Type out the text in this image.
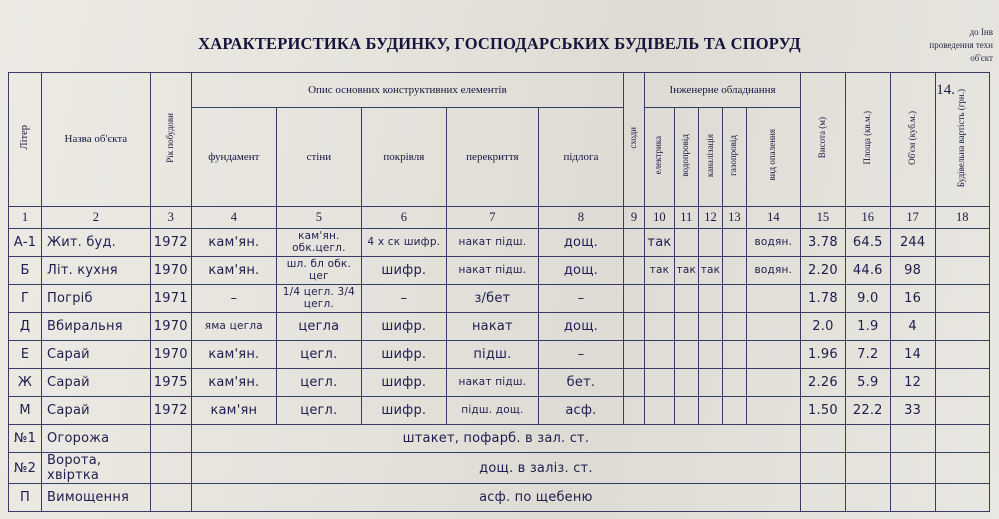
ХАРАКТЕРИСТИКА БУДИНКУ, ГОСПОДАРСЬКИХ БУДІВЕЛЬ ТА СПОРУД
до Інв
проведення техн
об'єкт
14.
Літер	Назва об'єкта	Рік побудови	Опис основних конструктивних елементів					сходи	Інженерне обладнання					Висота (м)	Площа (кв.м.)	Об'єм (куб.м.)	Будівельна вартість (грн.)
			фундамент	стіни	покрівля	перекриття	підлога		електрика	водопровід	каналізація	газопровід	вид опалення				
1	2	3	4	5	6	7	8	9	10	11	12	13	14	15	16	17	18
А-1	Жит. буд.	1972	кам'ян.	кам'ян. обк.цегл.	4 х ск шифр.	накат підш.	дощ.		так				водян.	3.78	64.5	244	
Б	Літ. кухня	1970	кам'ян.	шл. бл обк. цег	шифр.	накат підш.	дощ.		так	так	так		водян.	2.20	44.6	98	
Г	Погріб	1971	–	1/4 цегл. 3/4 цегл.	–	з/бет	–							1.78	9.0	16	
Д	Вбиральня	1970	яма цегла	цегла	шифр.	накат	дощ.							2.0	1.9	4	
Е	Сарай	1970	кам'ян.	цегл.	шифр.	підш.	–							1.96	7.2	14	
Ж	Сарай	1975	кам'ян.	цегл.	шифр.	накат підш.	бет.							2.26	5.9	12	
М	Сарай	1972	кам'ян	цегл.	шифр.	підш. дощ.	асф.							1.50	22.2	33	
№1	Огорожа		штакет, пофарб. в зал. ст.														
№2	Ворота, хвіртка		дощ. в заліз. ст.														
П	Вимощення		асф. по щебеню														
